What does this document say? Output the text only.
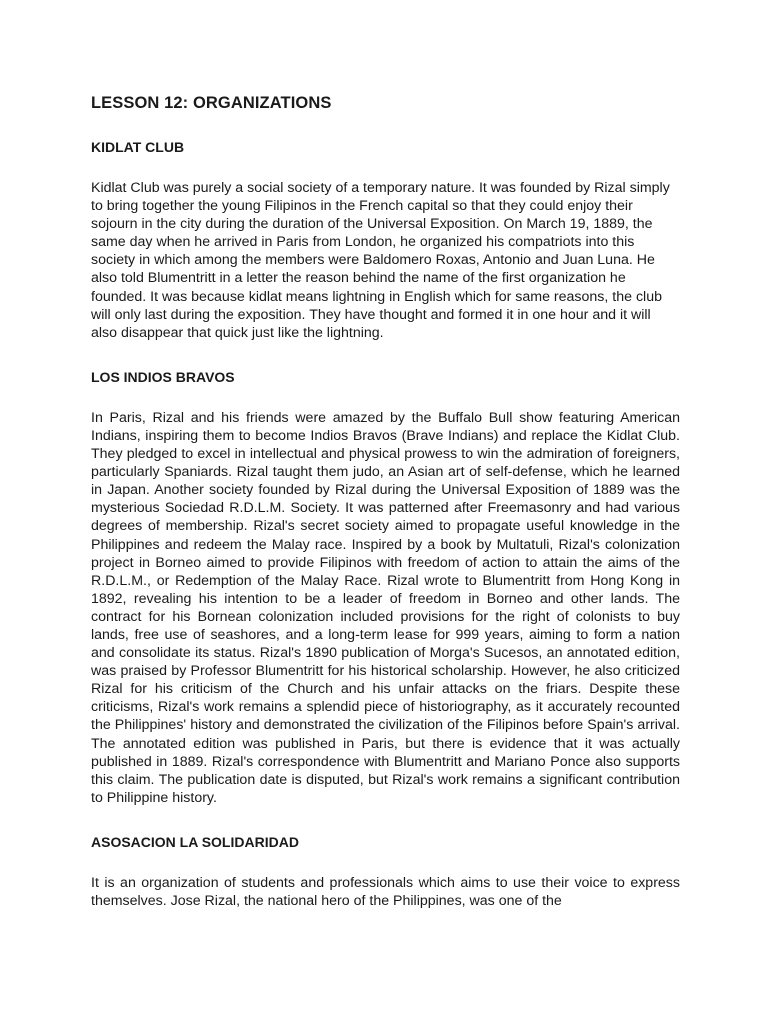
LESSON 12: ORGANIZATIONS
KIDLAT CLUB

Kidlat Club was purely a social society of a temporary nature. It was founded by Rizal simply to bring together the young Filipinos in the French capital so that they could enjoy their sojourn in the city during the duration of the Universal Exposition. On March 19, 1889, the same day when he arrived in Paris from London, he organized his compatriots into this society in which among the members were Baldomero Roxas, Antonio and Juan Luna. He also told Blumentritt in a letter the reason behind the name of the first organization he founded. It was because kidlat means lightning in English which for same reasons, the club will only last during the exposition. They have thought and formed it in one hour and it will also disappear that quick just like the lightning.

LOS INDIOS BRAVOS

In Paris, Rizal and his friends were amazed by the Buffalo Bull show featuring American Indians, inspiring them to become Indios Bravos (Brave Indians) and replace the Kidlat Club. They pledged to excel in intellectual and physical prowess to win the admiration of foreigners, particularly Spaniards. Rizal taught them judo, an Asian art of self-defense, which he learned in Japan. Another society founded by Rizal during the Universal Exposition of 1889 was the mysterious Sociedad R.D.L.M. Society. It was patterned after Freemasonry and had various degrees of membership. Rizal's secret society aimed to propagate useful knowledge in the Philippines and redeem the Malay race. Inspired by a book by Multatuli, Rizal's colonization project in Borneo aimed to provide Filipinos with freedom of action to attain the aims of the R.D.L.M., or Redemption of the Malay Race. Rizal wrote to Blumentritt from Hong Kong in 1892, revealing his intention to be a leader of freedom in Borneo and other lands. The contract for his Bornean colonization included provisions for the right of colonists to buy lands, free use of seashores, and a long-term lease for 999 years, aiming to form a nation and consolidate its status. Rizal's 1890 publication of Morga's Sucesos, an annotated edition, was praised by Professor Blumentritt for his historical scholarship. However, he also criticized Rizal for his criticism of the Church and his unfair attacks on the friars. Despite these criticisms, Rizal's work remains a splendid piece of historiography, as it accurately recounted the Philippines' history and demonstrated the civilization of the Filipinos before Spain's arrival. The annotated edition was published in Paris, but there is evidence that it was actually published in 1889. Rizal's correspondence with Blumentritt and Mariano Ponce also supports this claim. The publication date is disputed, but Rizal's work remains a significant contribution to Philippine history.

ASOSACION LA SOLIDARIDAD

It is an organization of students and professionals which aims to use their voice to express themselves. Jose Rizal, the national hero of the Philippines, was one of the
